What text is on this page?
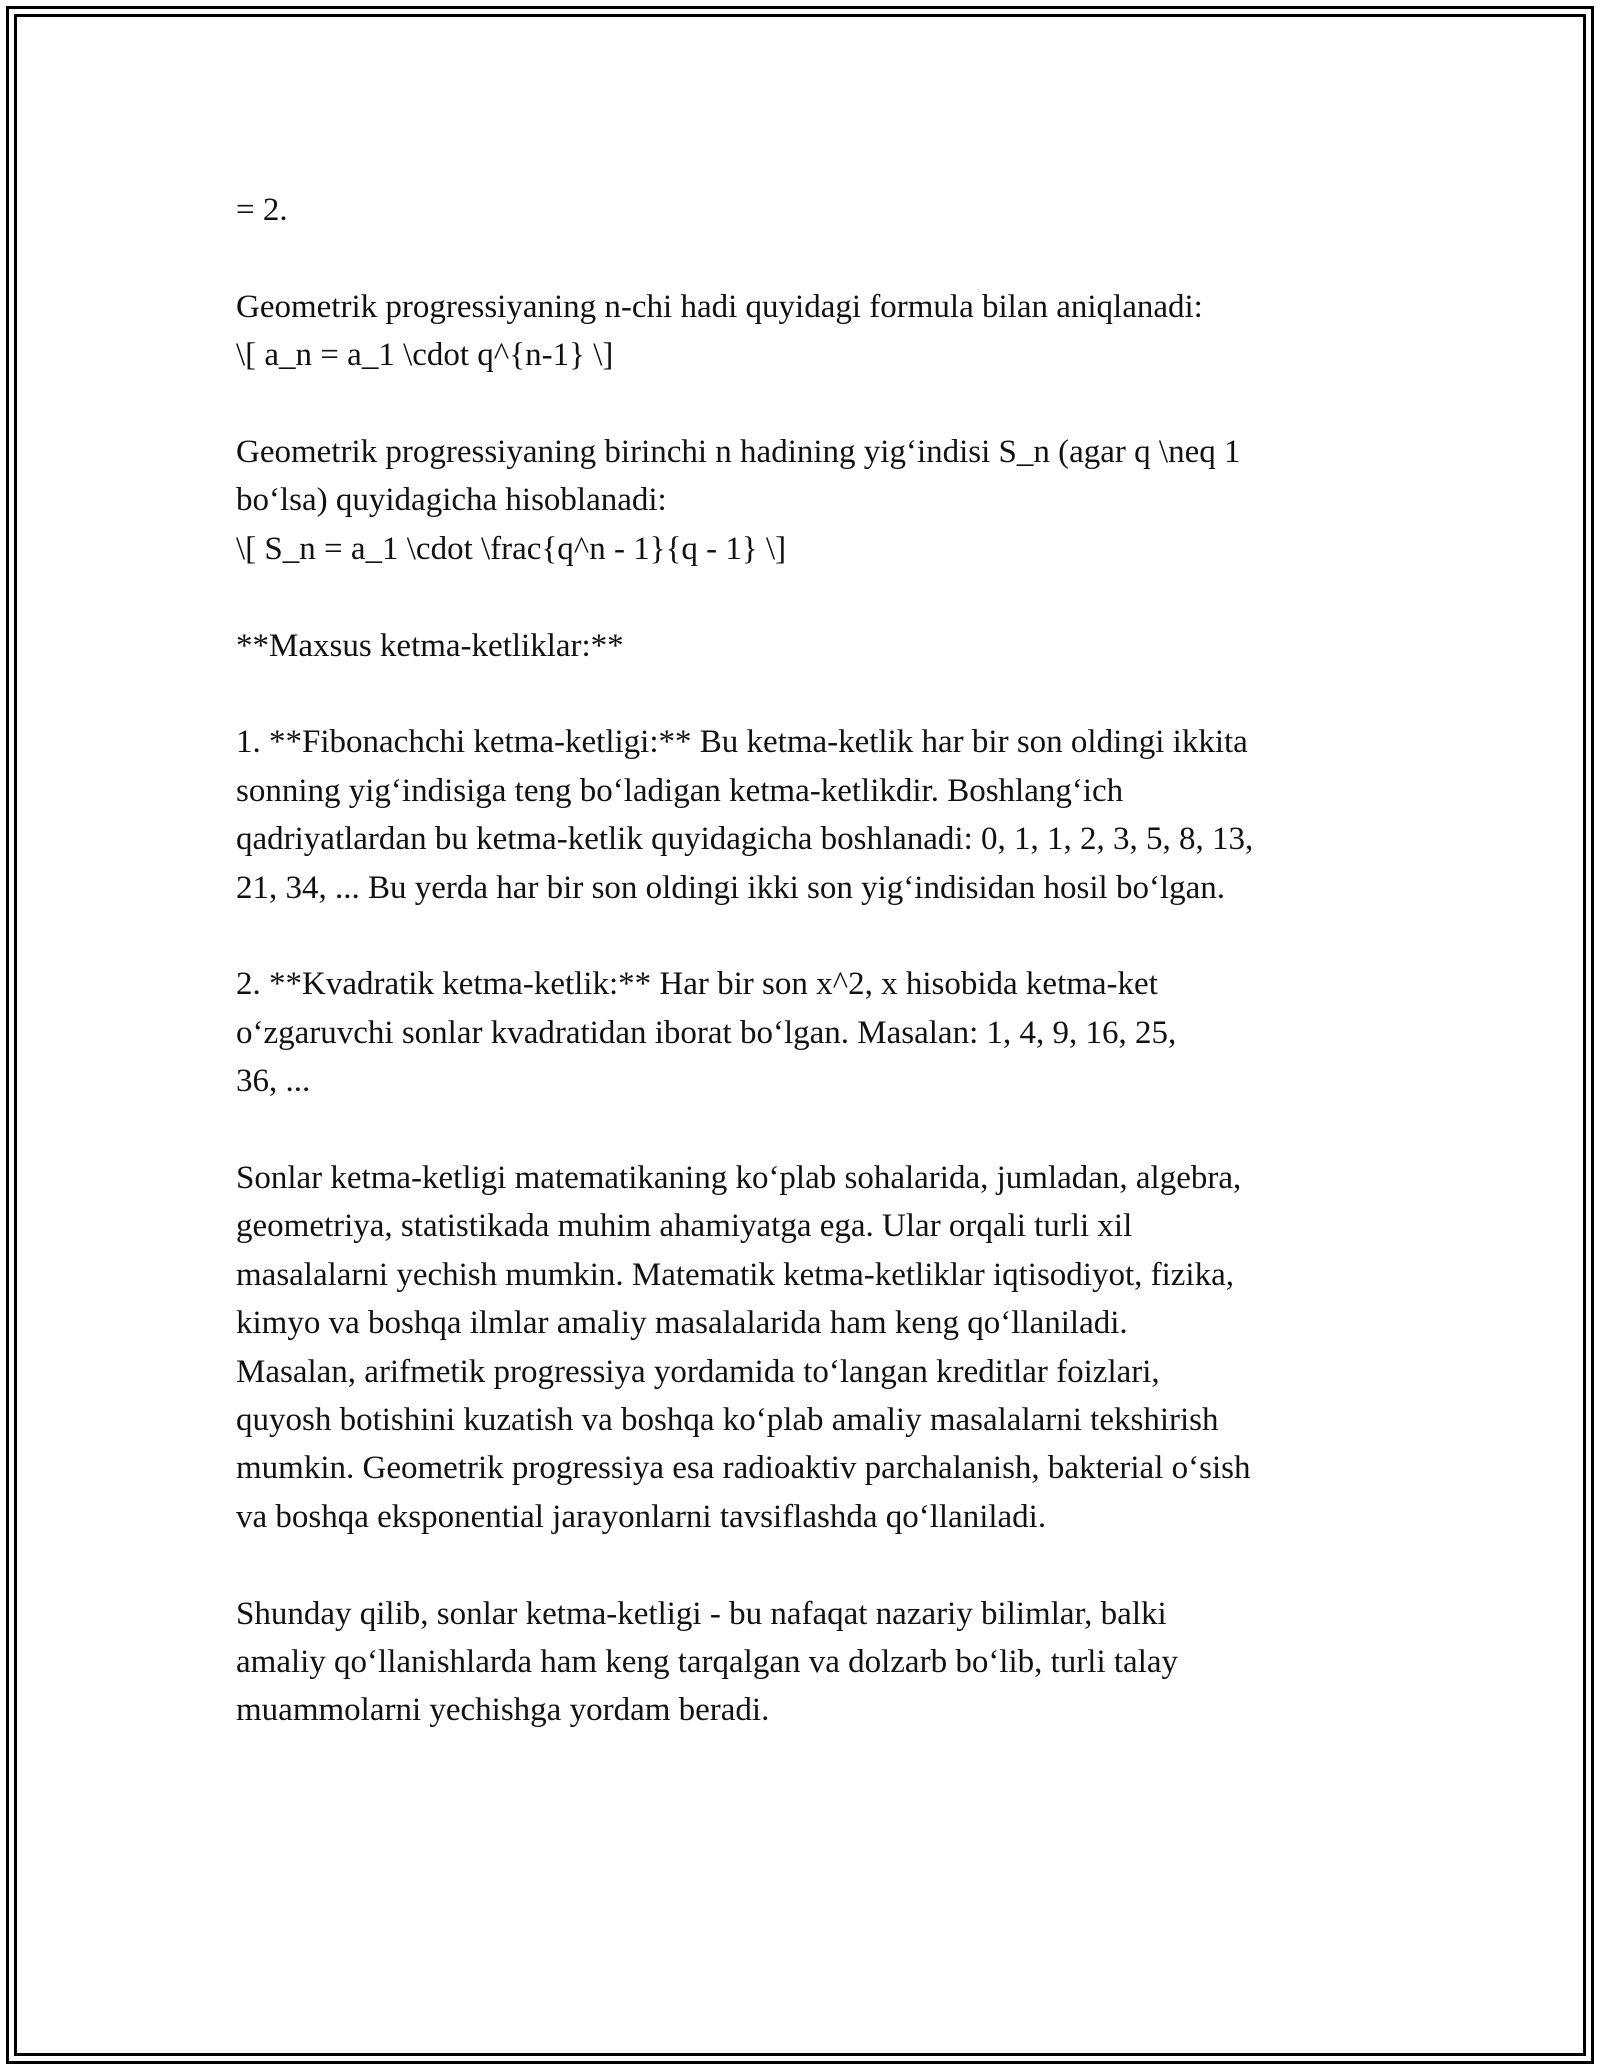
= 2.

Geometrik progressiyaning n-chi hadi quyidagi formula bilan aniqlanadi:
\[ a_n = a_1 \cdot q^{n-1} \]

Geometrik progressiyaning birinchi n hadining yig‘indisi S_n (agar q \neq 1
bo‘lsa) quyidagicha hisoblanadi:
\[ S_n = a_1 \cdot \frac{q^n - 1}{q - 1} \]

**Maxsus ketma-ketliklar:**

1. **Fibonachchi ketma-ketligi:** Bu ketma-ketlik har bir son oldingi ikkita
sonning yig‘indisiga teng bo‘ladigan ketma-ketlikdir. Boshlang‘ich
qadriyatlardan bu ketma-ketlik quyidagicha boshlanadi: 0, 1, 1, 2, 3, 5, 8, 13,
21, 34, ... Bu yerda har bir son oldingi ikki son yig‘indisidan hosil bo‘lgan.

2. **Kvadratik ketma-ketlik:** Har bir son x^2, x hisobida ketma-ket
o‘zgaruvchi sonlar kvadratidan iborat bo‘lgan. Masalan: 1, 4, 9, 16, 25,
36, ...

Sonlar ketma-ketligi matematikaning ko‘plab sohalarida, jumladan, algebra,
geometriya, statistikada muhim ahamiyatga ega. Ular orqali turli xil
masalalarni yechish mumkin. Matematik ketma-ketliklar iqtisodiyot, fizika,
kimyo va boshqa ilmlar amaliy masalalarida ham keng qo‘llaniladi.
Masalan, arifmetik progressiya yordamida to‘langan kreditlar foizlari,
quyosh botishini kuzatish va boshqa ko‘plab amaliy masalalarni tekshirish
mumkin. Geometrik progressiya esa radioaktiv parchalanish, bakterial o‘sish
va boshqa eksponential jarayonlarni tavsiflashda qo‘llaniladi.

Shunday qilib, sonlar ketma-ketligi - bu nafaqat nazariy bilimlar, balki
amaliy qo‘llanishlarda ham keng tarqalgan va dolzarb bo‘lib, turli talay
muammolarni yechishga yordam beradi.
